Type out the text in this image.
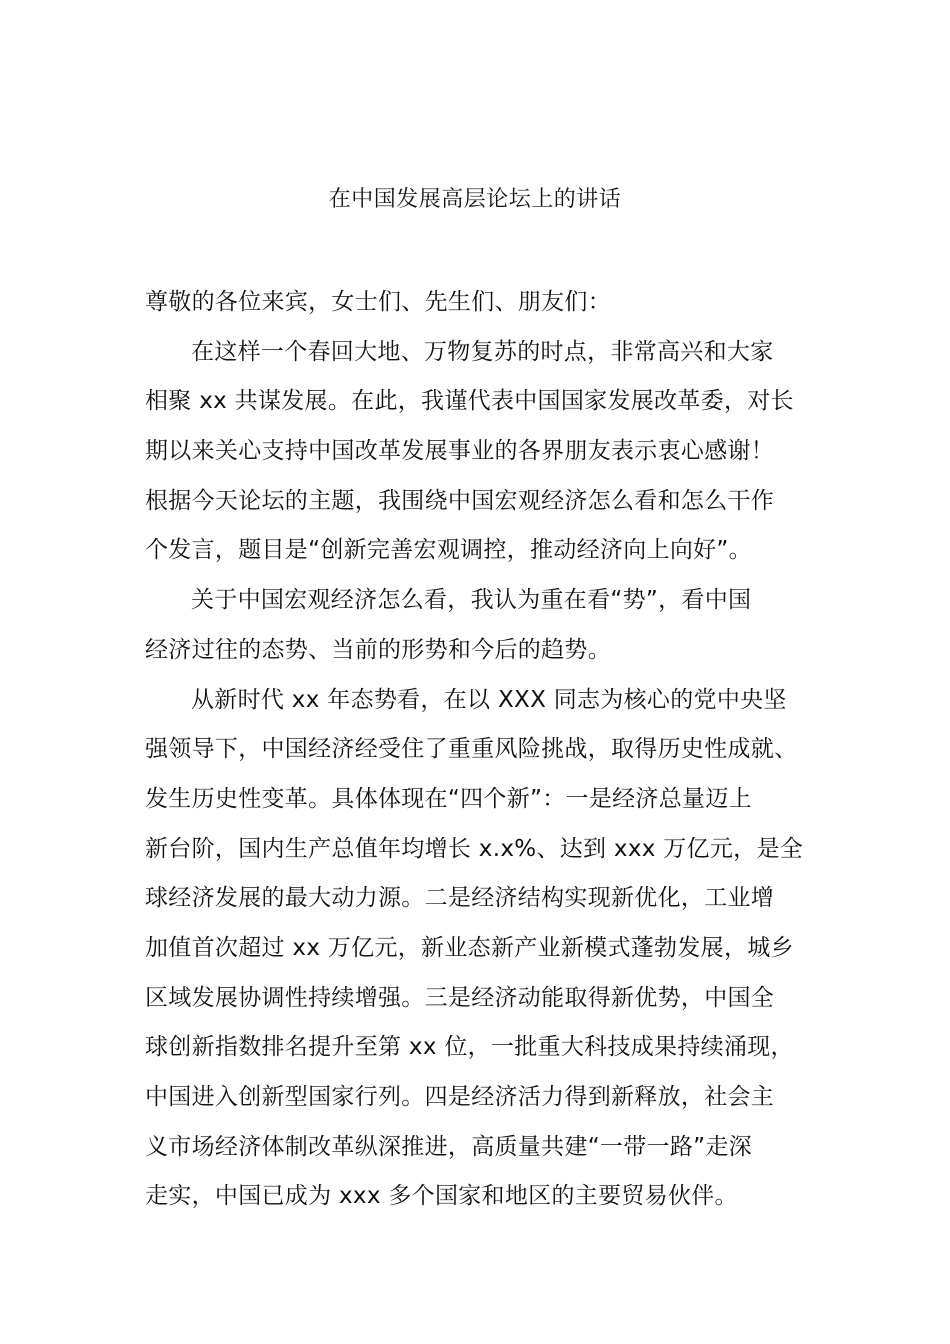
在中国发展高层论坛上的讲话
尊敬的各位来宾，女士们、先生们、朋友们：
在这样一个春回大地、万物复苏的时点，非常高兴和大家
相聚 xx 共谋发展。在此，我谨代表中国国家发展改革委，对长
期以来关心支持中国改革发展事业的各界朋友表示衷心感谢！
根据今天论坛的主题，我围绕中国宏观经济怎么看和怎么干作
个发言，题目是“创新完善宏观调控，推动经济向上向好”。
关于中国宏观经济怎么看，我认为重在看“势”，看中国
经济过往的态势、当前的形势和今后的趋势。
从新时代 xx 年态势看，在以 XXX 同志为核心的党中央坚
强领导下，中国经济经受住了重重风险挑战，取得历史性成就、
发生历史性变革。具体体现在“四个新”：一是经济总量迈上
新台阶，国内生产总值年均增长 x.x%、达到 xxx 万亿元，是全
球经济发展的最大动力源。二是经济结构实现新优化，工业增
加值首次超过 xx 万亿元，新业态新产业新模式蓬勃发展，城乡
区域发展协调性持续增强。三是经济动能取得新优势，中国全
球创新指数排名提升至第 xx 位，一批重大科技成果持续涌现，
中国进入创新型国家行列。四是经济活力得到新释放，社会主
义市场经济体制改革纵深推进，高质量共建“一带一路”走深
走实，中国已成为 xxx 多个国家和地区的主要贸易伙伴。
